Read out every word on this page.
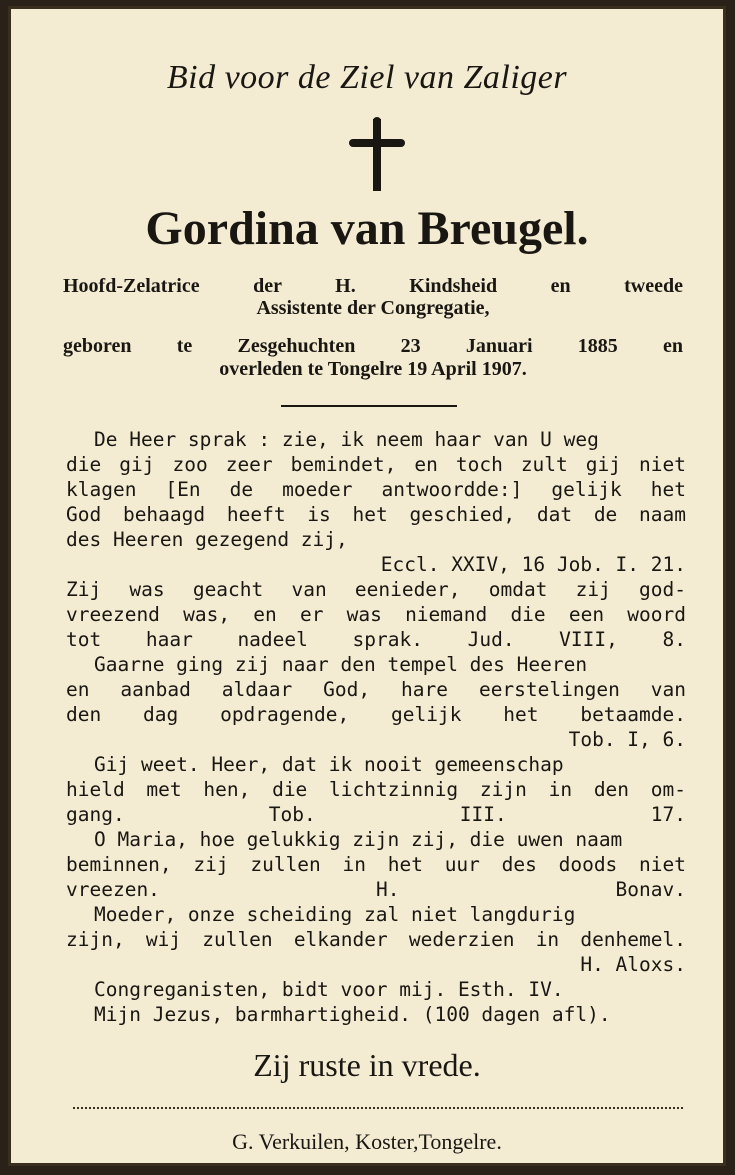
Bid voor de Ziel van Zaliger
Gordina van Breugel.
Hoofd-Zelatrice der H. Kindsheid en tweede
Assistente der Congregatie,
geboren te Zesgehuchten 23 Januari 1885 en
overleden te Tongelre 19 April 1907.
De Heer sprak : zie, ik neem haar van U weg
die gij zoo zeer bemindet, en toch zult gij niet
klagen [En de moeder antwoordde:] gelijk het
God behaagd heeft is het geschied, dat de naam
des Heeren gezegend zij,
Eccl. XXIV, 16 Job. I. 21.
Zij was geacht van eenieder, omdat zij god-
vreezend was, en er was niemand die een woord
tot haar nadeel sprak. Jud. VIII, 8.
Gaarne ging zij naar den tempel des Heeren
en aanbad aldaar God, hare eerstelingen van
den dag opdragende, gelijk het betaamde.
Tob. I, 6.
Gij weet. Heer, dat ik nooit gemeenschap
hield met hen, die lichtzinnig zijn in den om-
gang. Tob. III. 17.
O Maria, hoe gelukkig zijn zij, die uwen naam
beminnen, zij zullen in het uur des doods niet
vreezen. H. Bonav.
Moeder, onze scheiding zal niet langdurig
zijn, wij zullen elkander wederzien in denhemel.
H. Aloxs.
Congreganisten, bidt voor mij. Esth. IV.
Mijn Jezus, barmhartigheid. (100 dagen afl).
Zij ruste in vrede.
G. Verkuilen, Koster,Tongelre.
